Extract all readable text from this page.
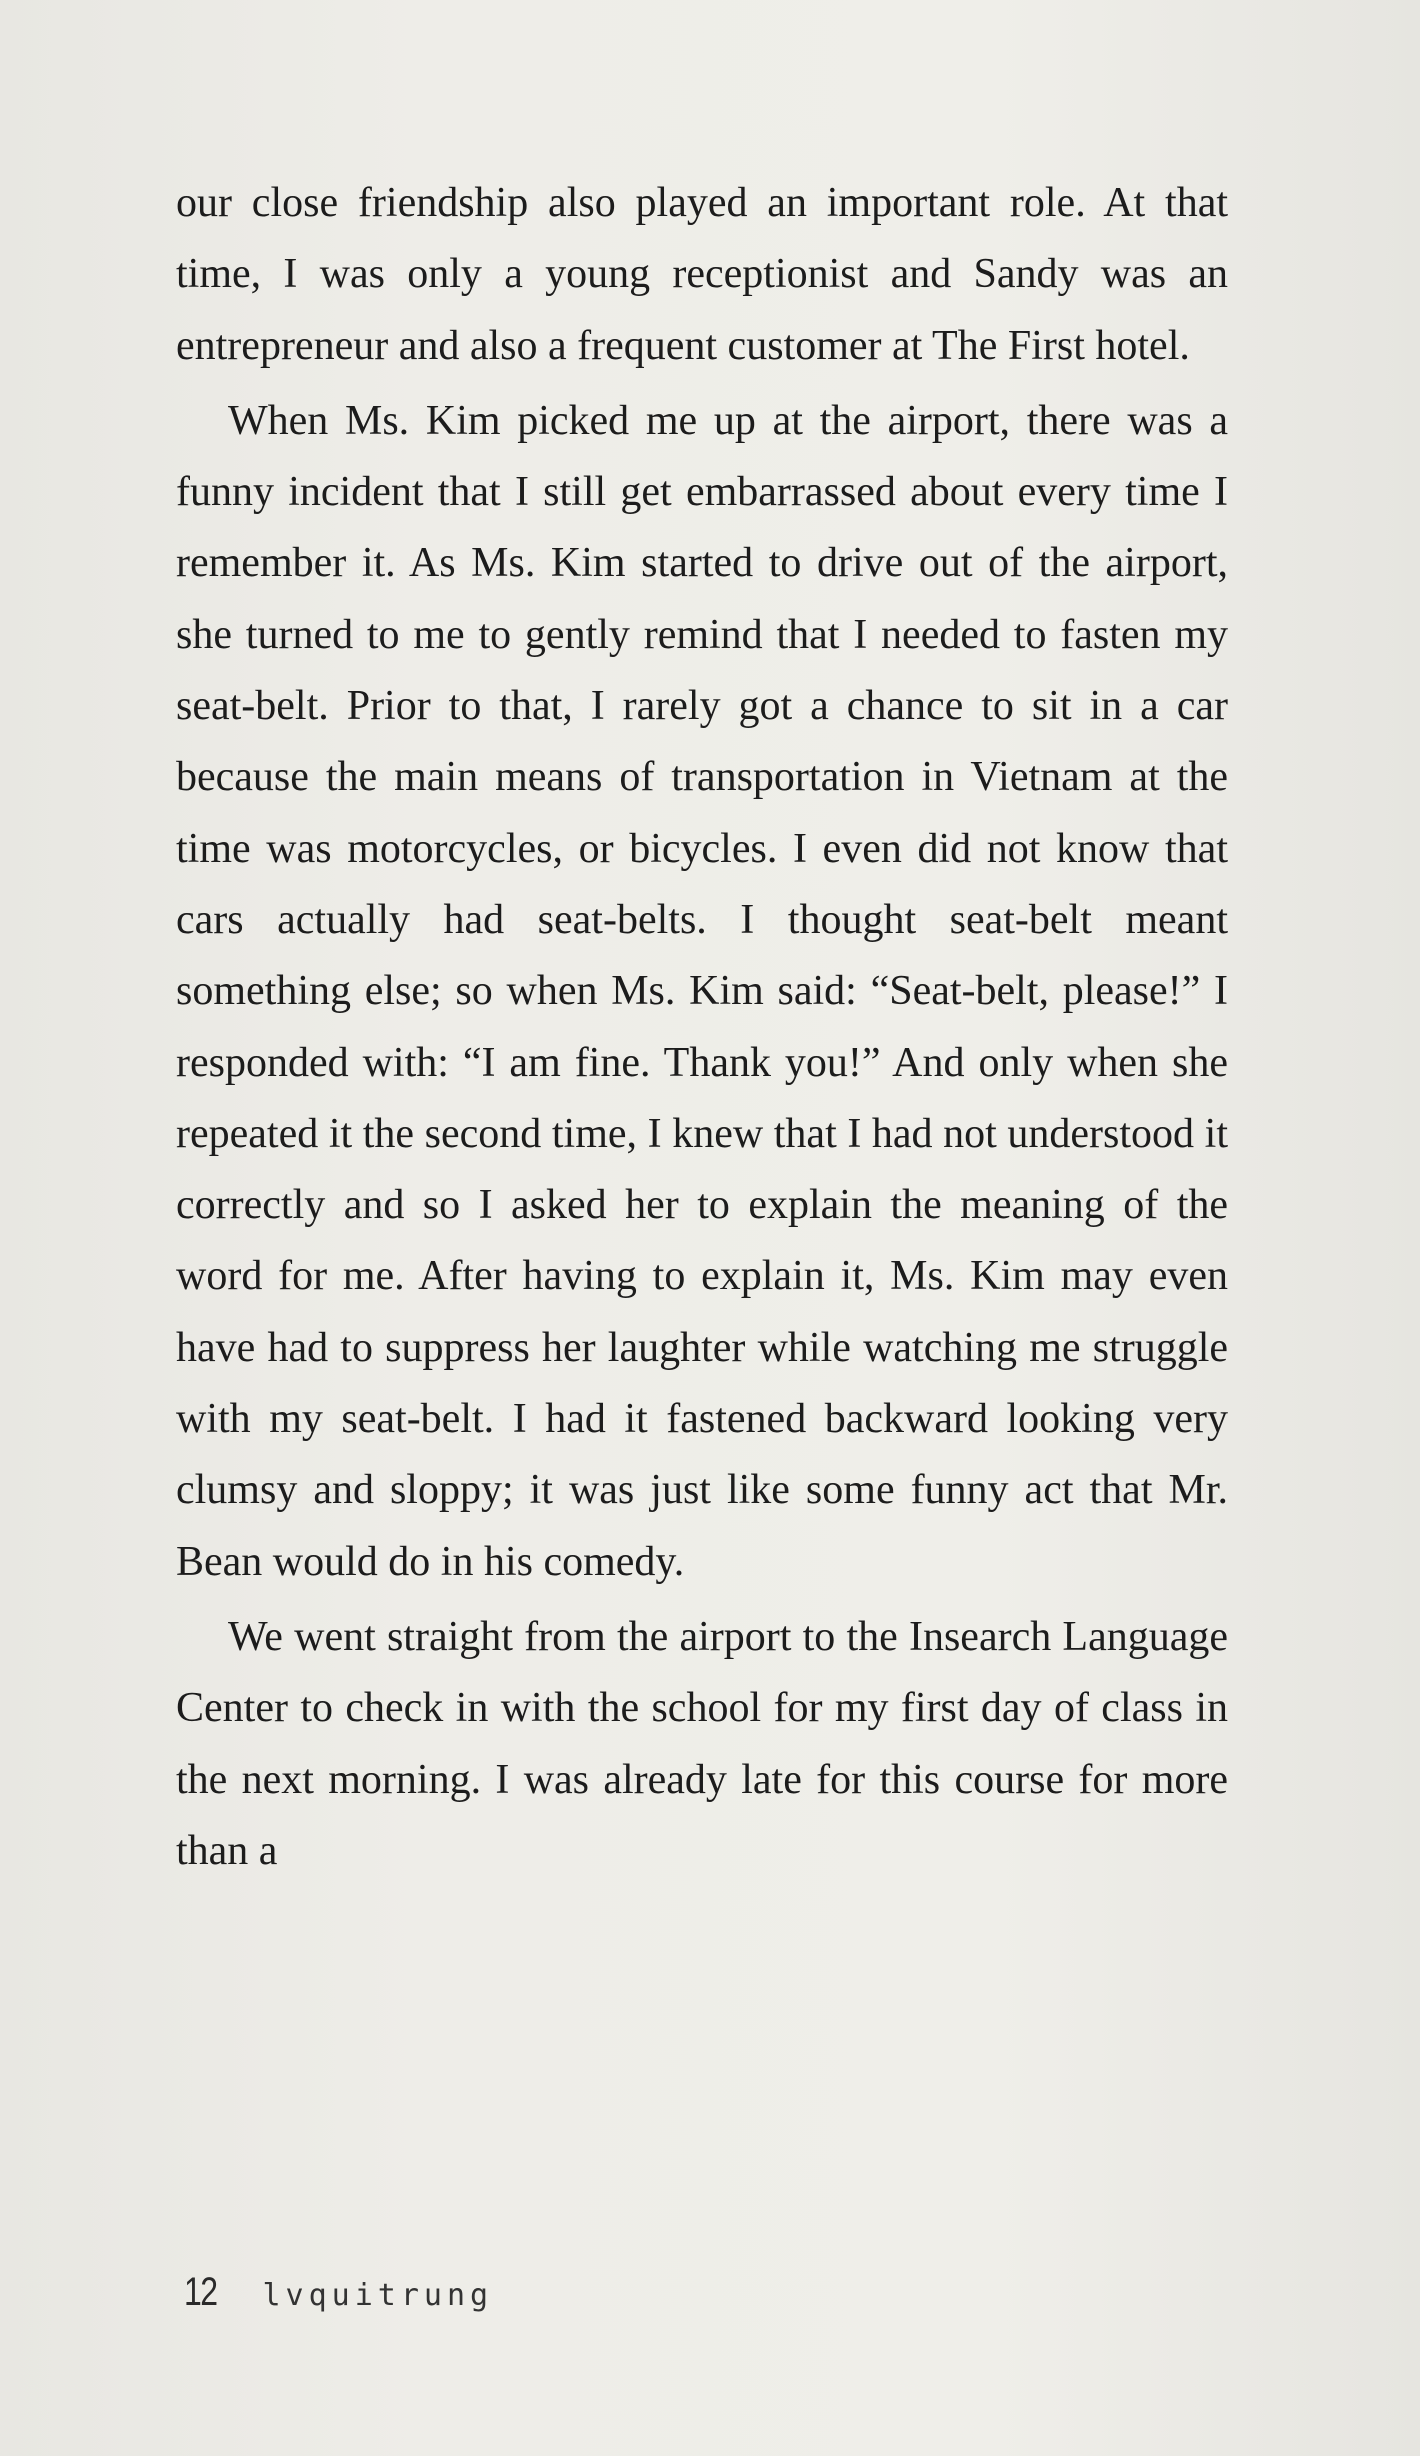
our close friendship also played an important role. At that time, I was only a young receptionist and Sandy was an entrepreneur and also a frequent customer at The First hotel.

When Ms. Kim picked me up at the airport, there was a funny incident that I still get embarrassed about every time I remember it. As Ms. Kim started to drive out of the airport, she turned to me to gently remind that I needed to fasten my seat-belt. Prior to that, I rarely got a chance to sit in a car because the main means of transportation in Vietnam at the time was motorcycles, or bicycles. I even did not know that cars actually had seat-belts. I thought seat-belt meant something else; so when Ms. Kim said: “Seat-belt, please!” I responded with: “I am fine. Thank you!” And only when she repeated it the second time, I knew that I had not understood it correctly and so I asked her to explain the meaning of the word for me. After having to explain it, Ms. Kim may even have had to suppress her laughter while watching me struggle with my seat-belt. I had it fastened backward looking very clumsy and sloppy; it was just like some funny act that Mr. Bean would do in his comedy.

We went straight from the airport to the Insearch Language Center to check in with the school for my first day of class in the next morning. I was already late for this course for more than a

12 lvquitrung
